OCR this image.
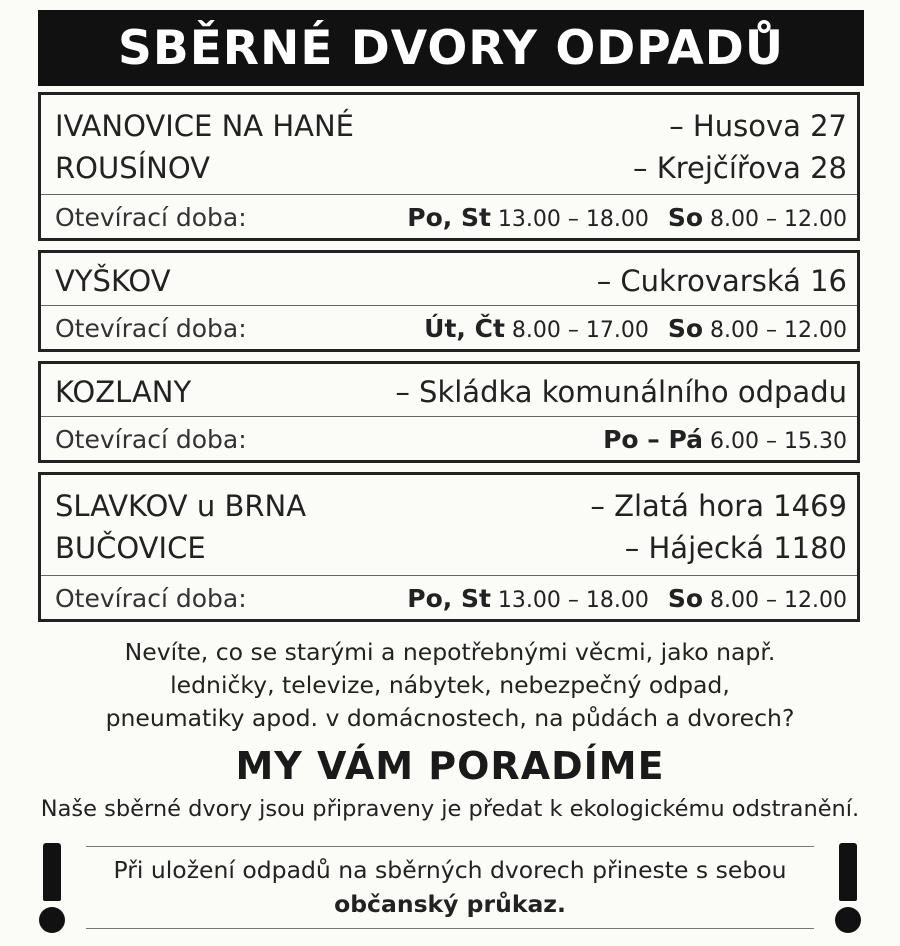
SBĚRNÉ DVORY ODPADŮ
IVANOVICE NA HANÉ	– Husova 27
ROUSÍNOV	– Krejčířova 28
Otevírací doba:	Po, St 13.00 – 18.00 So 8.00 – 12.00
VYŠKOV	– Cukrovarská 16
Otevírací doba:	Út, Čt 8.00 – 17.00 So 8.00 – 12.00
KOZLANY	– Skládka komunálního odpadu
Otevírací doba:	Po – Pá 6.00 – 15.30
SLAVKOV u BRNA	– Zlatá hora 1469
BUČOVICE	– Hájecká 1180
Otevírací doba:	Po, St 13.00 – 18.00 So 8.00 – 12.00
Nevíte, co se starými a nepotřebnými věcmi, jako např.
ledničky, televize, nábytek, nebezpečný odpad,
pneumatiky apod. v domácnostech, na půdách a dvorech?
MY VÁM PORADÍME
Naše sběrné dvory jsou připraveny je předat k ekologickému odstranění.
Při uložení odpadů na sběrných dvorech přineste s sebou
občanský průkaz.
